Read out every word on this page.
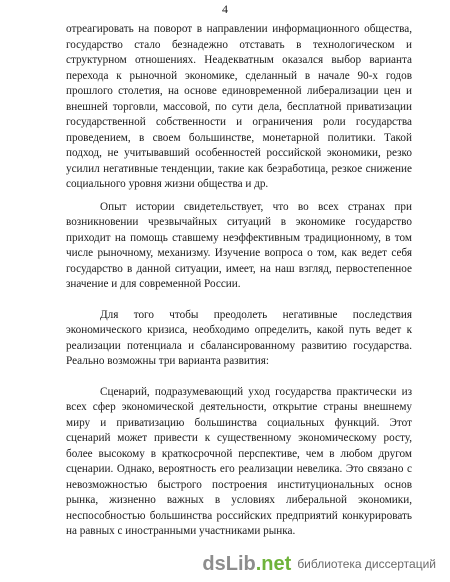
4

отреагировать на поворот в направлении информационного общества, государство стало безнадежно отставать в технологическом и структурном отношениях. Неадекватным оказался выбор варианта перехода к рыночной экономике, сделанный в начале 90-х годов прошлого столетия, на основе единовременной либерализации цен и внешней торговли, массовой, по сути дела, бесплатной приватизации государственной собственности и ограничения роли государства проведением, в своем большинстве, монетарной политики. Такой подход, не учитывавший особенностей российской экономики, резко усилил негативные тенденции, такие как безработица, резкое снижение социального уровня жизни общества и др.

Опыт истории свидетельствует, что во всех странах при возникновении чрезвычайных ситуаций в экономике государство приходит на помощь ставшему неэффективным традиционному, в том числе рыночному, механизму. Изучение вопроса о том, как ведет себя государство в данной ситуации, имеет, на наш взгляд, первостепенное значение и для современной России.

Для того чтобы преодолеть негативные последствия экономического кризиса, необходимо определить, какой путь ведет к реализации потенциала и сбалансированному развитию государства. Реально возможны три варианта развития:

Сценарий, подразумевающий уход государства практически из всех сфер экономической деятельности, открытие страны внешнему миру и приватизацию большинства социальных функций. Этот сценарий может привести к существенному экономическому росту, более высокому в краткосрочной перспективе, чем в любом другом сценарии. Однако, вероятность его реализации невелика. Это связано с невозможностью быстрого построения институциональных основ рынка, жизненно важных в условиях либеральной экономики, неспособностью большинства российских предприятий конкурировать на равных с иностранными участниками рынка.

dsLib.net библиотека диссертаций
